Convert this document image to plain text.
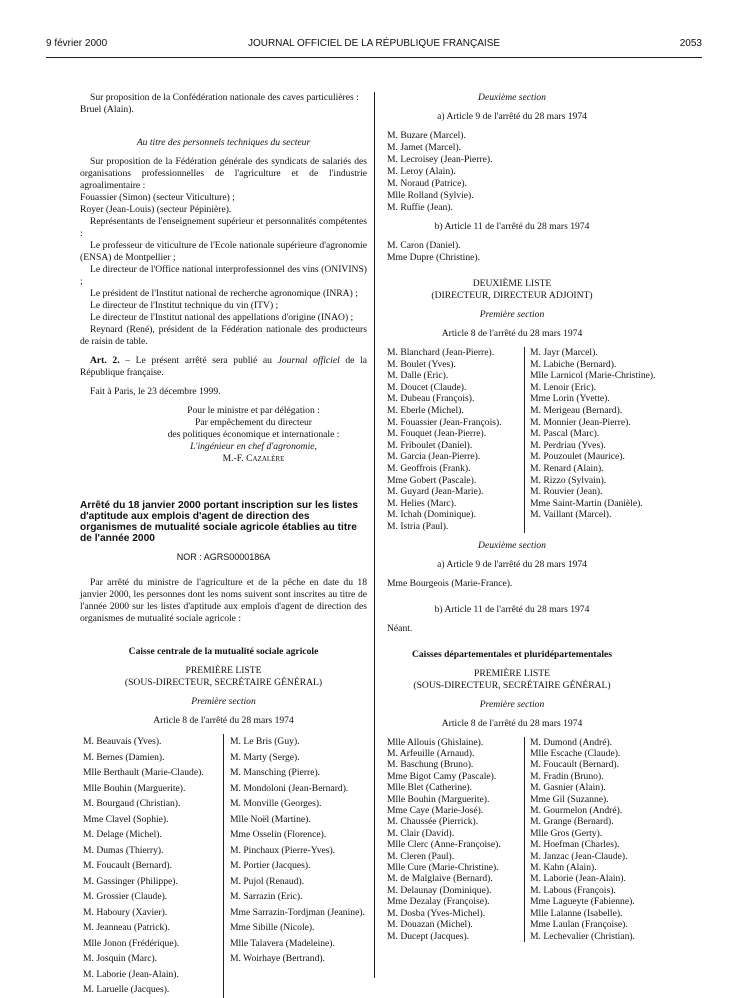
9 février 2000	JOURNAL OFFICIEL DE LA RÉPUBLIQUE FRANÇAISE	2053

Sur proposition de la Confédération nationale des caves particulières :

Bruel (Alain).

Au titre des personnels techniques du secteur

Sur proposition de la Fédération générale des syndicats de salariés des organisations professionnelles de l'agriculture et de l'industrie agroalimentaire :

Fouassier (Simon) (secteur Viticulture) ;

Royer (Jean-Louis) (secteur Pépinière).

Représentants de l'enseignement supérieur et personnalités compétentes :

Le professeur de viticulture de l'Ecole nationale supérieure d'agronomie (ENSA) de Montpellier ;

Le directeur de l'Office national interprofessionnel des vins (ONIVINS) ;

Le président de l'Institut national de recherche agronomique (INRA) ;

Le directeur de l'Institut technique du vin (ITV) ;

Le directeur de l'Institut national des appellations d'origine (INAO) ;

Reynard (René), président de la Fédération nationale des producteurs de raisin de table.

Art. 2. – Le présent arrêté sera publié au Journal officiel de la République française.

Fait à Paris, le 23 décembre 1999.

Pour le ministre et par délégation :

Par empêchement du directeur

des politiques économique et internationale :

L'ingénieur en chef d'agronomie,

M.-F. Cazalère

Arrêté du 18 janvier 2000 portant inscription sur les listes d'aptitude aux emplois d'agent de direction des organismes de mutualité sociale agricole établies au titre de l'année 2000

NOR : AGRS0000186A

Par arrêté du ministre de l'agriculture et de la pêche en date du 18 janvier 2000, les personnes dont les noms suivent sont inscrites au titre de l'année 2000 sur les listes d'aptitude aux emplois d'agent de direction des organismes de mutualité sociale agricole :

Caisse centrale de la mutualité sociale agricole

PREMIÈRE LISTE

(SOUS-DIRECTEUR, SECRÉTAIRE GÉNÉRAL)

Première section

Article 8 de l'arrêté du 28 mars 1974

M. Beauvais (Yves).

M. Bernes (Damien).

Mlle Berthault (Marie-Claude).

Mlle Bouhin (Marguerite).

M. Bourgaud (Christian).

Mme Clavel (Sophie).

M. Delage (Michel).

M. Dumas (Thierry).

M. Foucault (Bernard).

M. Gassinger (Philippe).

M. Grossier (Claude).

M. Haboury (Xavier).

M. Jeanneau (Patrick).

Mlle Jonon (Frédérique).

M. Josquin (Marc).

M. Laborie (Jean-Alain).

M. Laruelle (Jacques).

M. Le Bris (Guy).

M. Marty (Serge).

M. Mansching (Pierre).

M. Mondoloni (Jean-Bernard).

M. Monville (Georges).

Mlle Noël (Martine).

Mme Osselin (Florence).

M. Pinchaux (Pierre-Yves).

M. Portier (Jacques).

M. Pujol (Renaud).

M. Sarrazin (Eric).

Mme Sarrazin-Tordjman (Jeanine).

Mme Sibille (Nicole).

Mlle Talavera (Madeleine).

M. Woirhaye (Bertrand).

Deuxième section

a) Article 9 de l'arrêté du 28 mars 1974

M. Buzare (Marcel).

M. Jamet (Marcel).

M. Lecroisey (Jean-Pierre).

M. Leroy (Alain).

M. Noraud (Patrice).

Mlle Rolland (Sylvie).

M. Ruffie (Jean).

b) Article 11 de l'arrêté du 28 mars 1974

M. Caron (Daniel).

Mme Dupre (Christine).

DEUXIÈME LISTE

(DIRECTEUR, DIRECTEUR ADJOINT)

Première section

Article 8 de l'arrêté du 28 mars 1974

M. Blanchard (Jean-Pierre).

M. Boulet (Yves).

M. Dalle (Eric).

M. Doucet (Claude).

M. Dubeau (François).

M. Eberle (Michel).

M. Fouassier (Jean-François).

M. Fouquet (Jean-Pierre).

M. Friboulet (Daniel).

M. Garcia (Jean-Pierre).

M. Geoffrois (Frank).

Mme Gobert (Pascale).

M. Guyard (Jean-Marie).

M. Helies (Marc).

M. Ichah (Dominique).

M. Istria (Paul).

M. Jayr (Marcel).

M. Labiche (Bernard).

Mlle Larnicol (Marie-Christine).

M. Lenoir (Eric).

Mme Lorin (Yvette).

M. Merigeau (Bernard).

M. Monnier (Jean-Pierre).

M. Pascal (Marc).

M. Perdriau (Yves).

M. Pouzoulet (Maurice).

M. Renard (Alain).

M. Rizzo (Sylvain).

M. Rouvier (Jean).

Mme Saint-Martin (Danièle).

M. Vaillant (Marcel).

Deuxième section

a) Article 9 de l'arrêté du 28 mars 1974

Mme Bourgeois (Marie-France).

b) Article 11 de l'arrêté du 28 mars 1974

Néant.

Caisses départementales et pluridépartementales

PREMIÈRE LISTE

(SOUS-DIRECTEUR, SECRÉTAIRE GÉNÉRAL)

Première section

Article 8 de l'arrêté du 28 mars 1974

Mlle Allouis (Ghislaine).

M. Arfeuille (Arnaud).

M. Baschung (Bruno).

Mme Bigot Camy (Pascale).

Mlle Blet (Catherine).

Mlle Bouhin (Marguerite).

Mme Caye (Marie-José).

M. Chaussée (Pierrick).

M. Clair (David).

Mlle Clerc (Anne-Françoise).

M. Cleren (Paul).

Mlle Cure (Marie-Christine).

M. de Malglaive (Bernard).

M. Delaunay (Dominique).

Mme Dezalay (Françoise).

M. Dosba (Yves-Michel).

M. Douazan (Michel).

M. Ducept (Jacques).

M. Dumond (André).

Mlle Escache (Claude).

M. Foucault (Bernard).

M. Fradin (Bruno).

M. Gasnier (Alain).

Mme Gil (Suzanne).

M. Gourmelon (André).

M. Grange (Bernard).

Mlle Gros (Gerty).

M. Hoefman (Charles).

M. Janzac (Jean-Claude).

M. Kahn (Alain).

M. Laborie (Jean-Alain).

M. Labous (François).

Mme Lagueyte (Fabienne).

Mlle Lalanne (Isabelle).

Mme Laulan (Françoise).

M. Lechevalier (Christian).
